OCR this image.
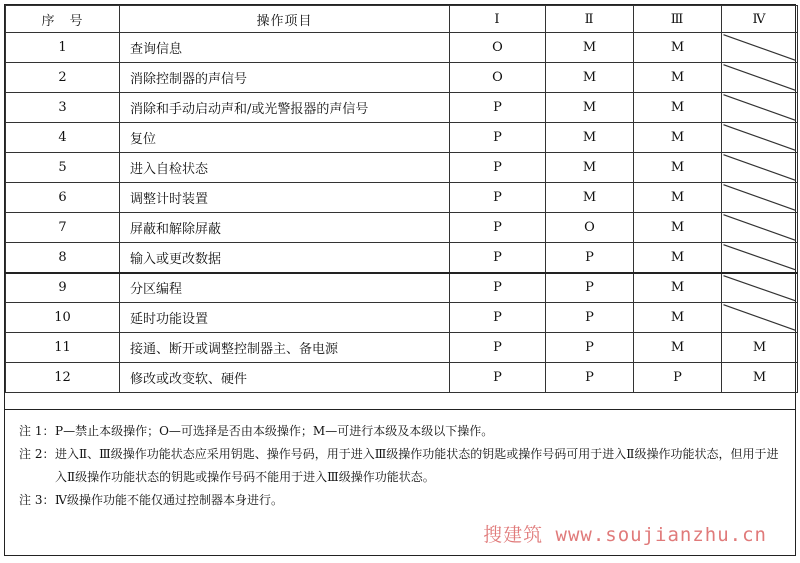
序　号	操作项目	Ⅰ	Ⅱ	Ⅲ	Ⅳ
1	查询信息	O	M	M	

2	消除控制器的声信号	O	M	M	

3	消除和手动启动声和/或光警报器的声信号	P	M	M	

4	复位	P	M	M	

5	进入自检状态	P	M	M	

6	调整计时装置	P	M	M	

7	屏蔽和解除屏蔽	P	O	M	

8	输入或更改数据	P	P	M	

9	分区编程	P	P	M	

10	延时功能设置	P	P	M	

11	接通、断开或调整控制器主、备电源	P	P	M	M
12	修改或改变软、硬件	P	P	P	M

注 1：P—禁止本级操作；O—可选择是否由本级操作；M—可进行本级及本级以下操作。

注 2： 进入Ⅱ、Ⅲ级操作功能状态应采用钥匙、操作号码，用于进入Ⅲ级操作功能状态的钥匙或操作号码可用于进入Ⅱ级操作功能状态，但用于进入Ⅱ级操作功能状态的钥匙或操作号码不能用于进入Ⅲ级操作功能状态。

注 3：Ⅳ级操作功能不能仅通过控制器本身进行。

搜建筑 www.soujianzhu.cn
